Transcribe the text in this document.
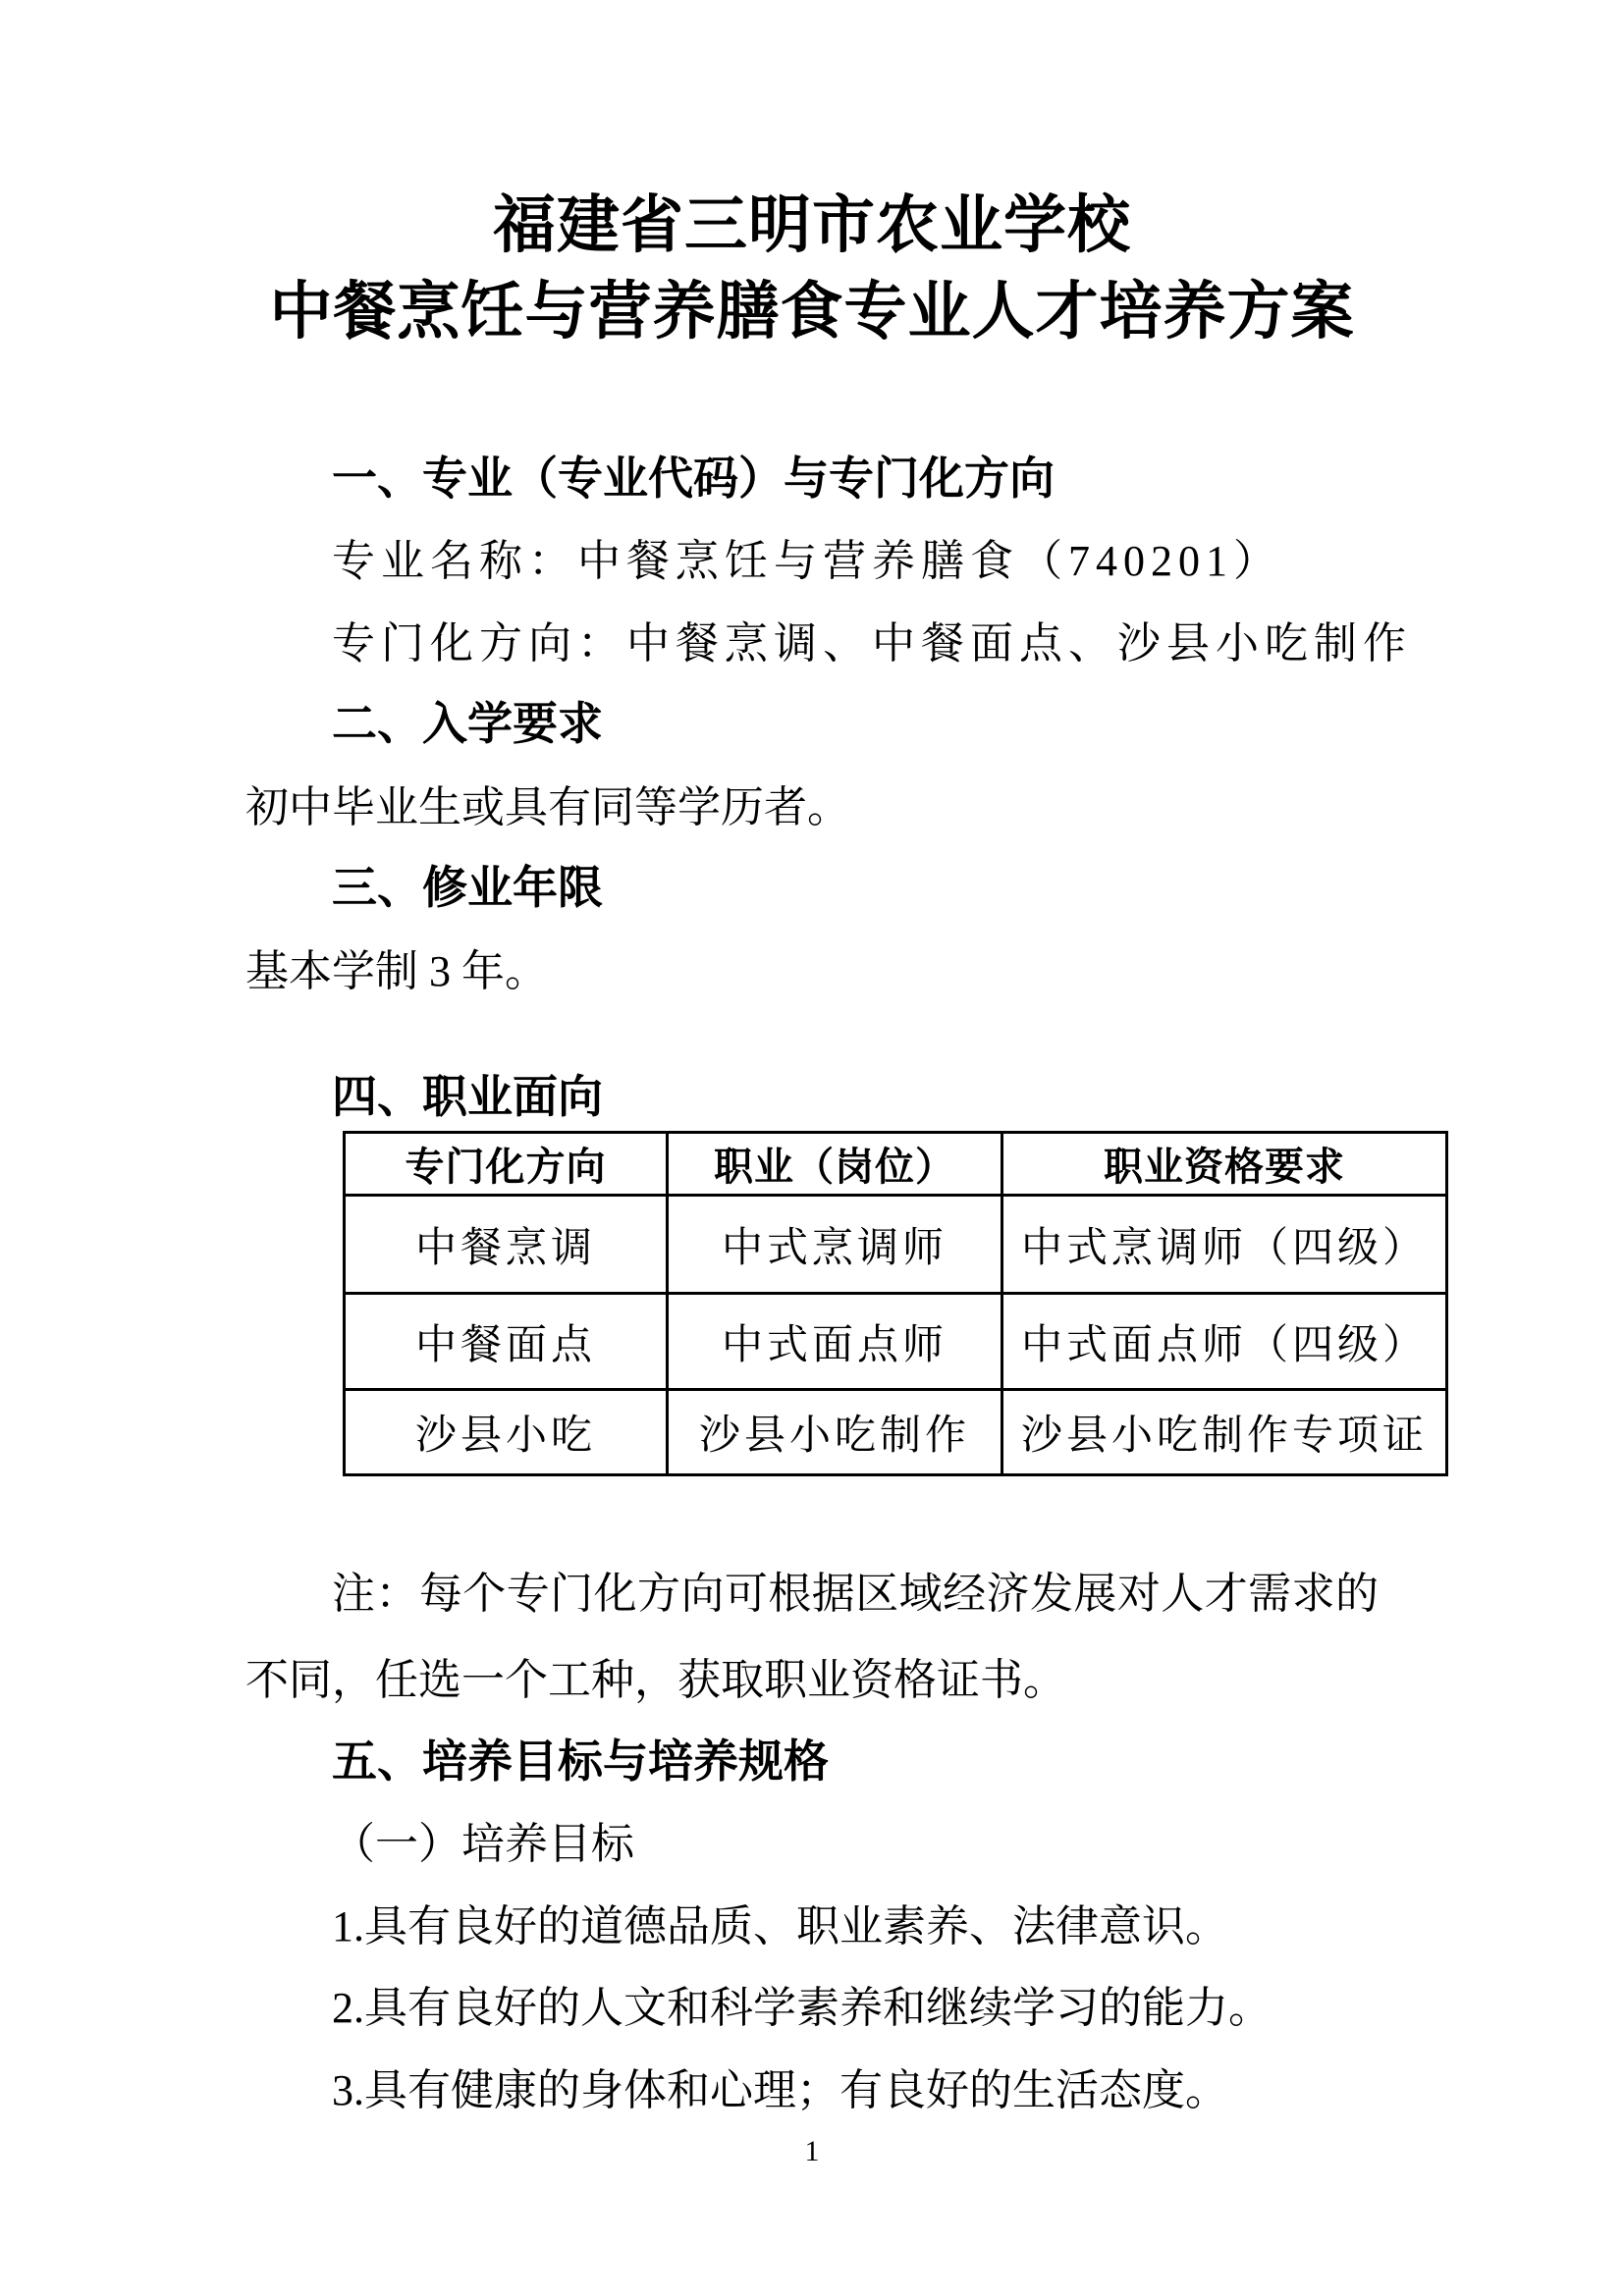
福建省三明市农业学校
中餐烹饪与营养膳食专业人才培养方案
一、专业（专业代码）与专门化方向
专业名称：中餐烹饪与营养膳食（740201）
专门化方向：中餐烹调、中餐面点、沙县小吃制作
二、入学要求
初中毕业生或具有同等学历者。
三、修业年限
基本学制 3 年。
四、职业面向
专门化方向	职业（岗位）	职业资格要求
中餐烹调	中式烹调师	中式烹调师（四级）
中餐面点	中式面点师	中式面点师（四级）
沙县小吃	沙县小吃制作	沙县小吃制作专项证
注：每个专门化方向可根据区域经济发展对人才需求的
不同，任选一个工种，获取职业资格证书。
五、培养目标与培养规格
（一）培养目标
1.具有良好的道德品质、职业素养、法律意识。
2.具有良好的人文和科学素养和继续学习的能力。
3.具有健康的身体和心理；有良好的生活态度。
1
